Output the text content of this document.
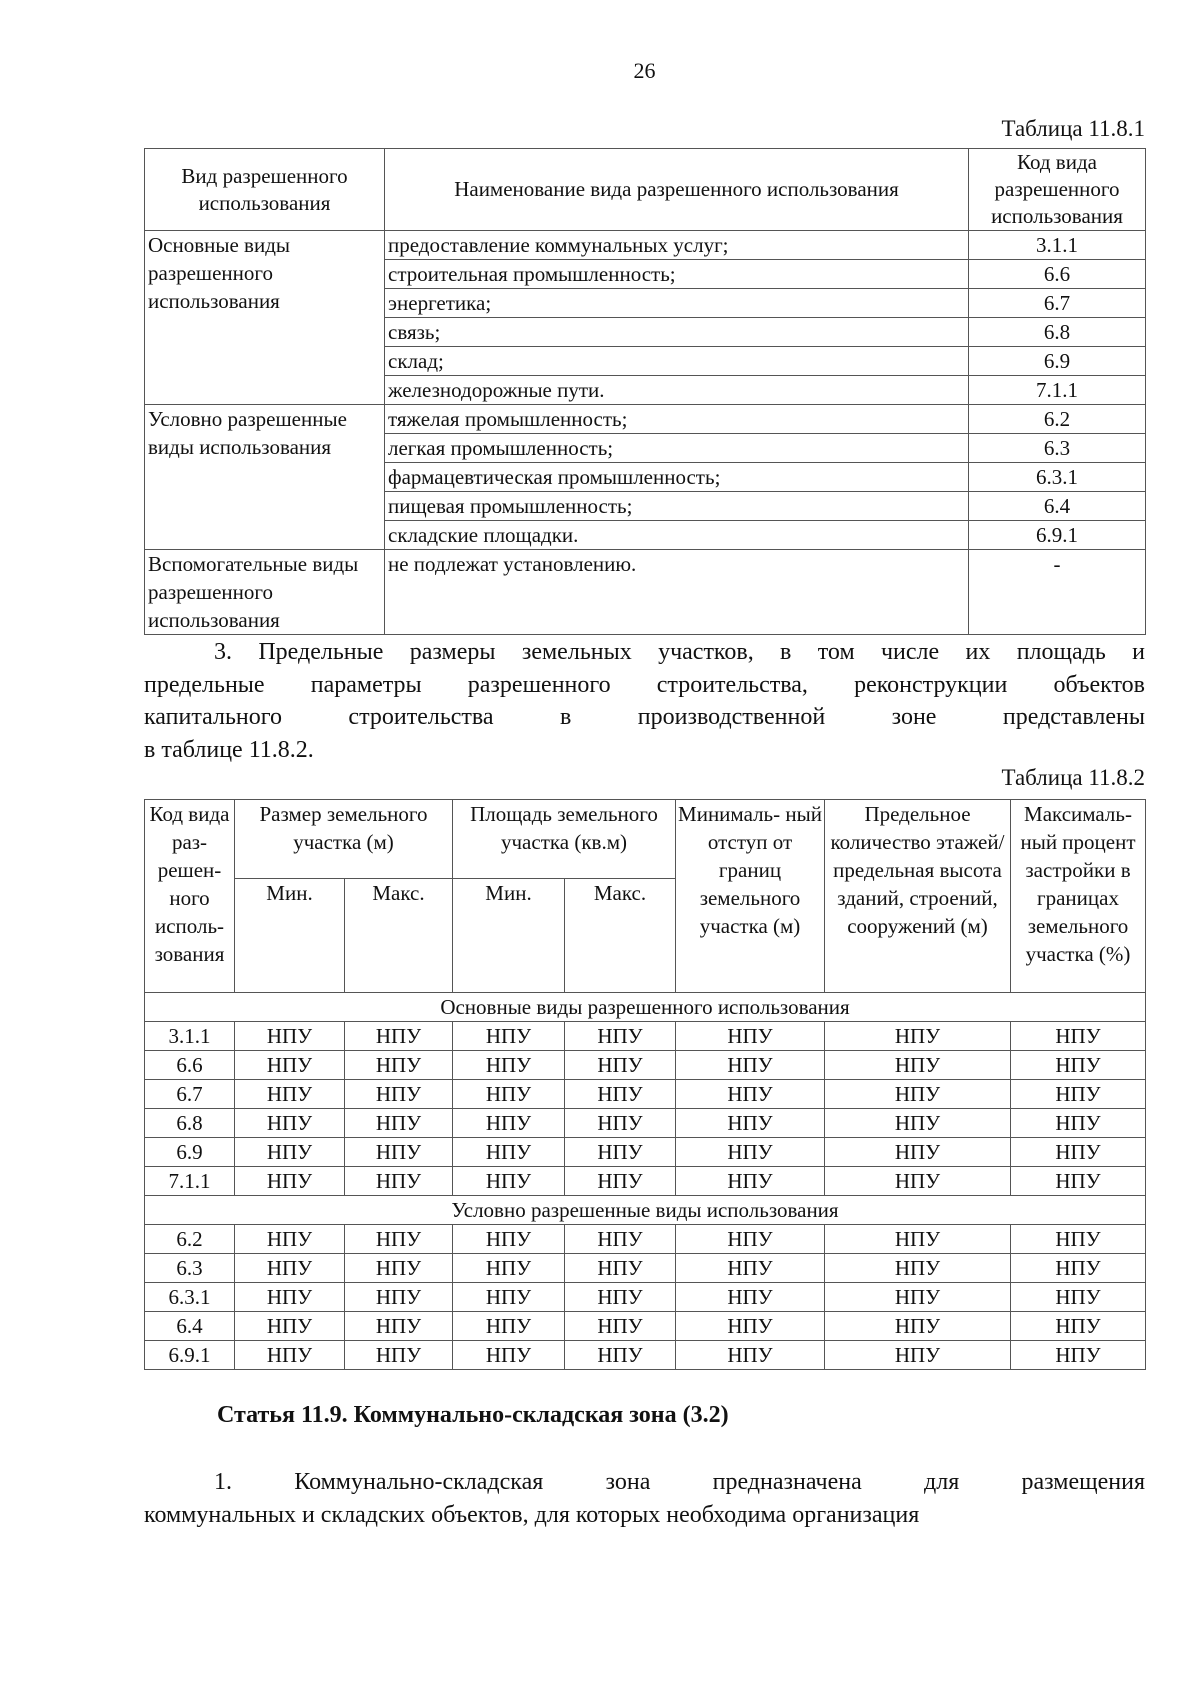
26
Таблица 11.8.1
Вид разрешенного использования	Наименование вида разрешенного использования	Код вида разрешенного использования
Основные виды разрешенного использования	предоставление коммунальных услуг;	3.1.1
	строительная промышленность;	6.6
	энергетика;	6.7
	связь;	6.8
	склад;	6.9
	железнодорожные пути.	7.1.1
Условно разрешенные виды использования	тяжелая промышленность;	6.2
	легкая промышленность;	6.3
	фармацевтическая промышленность;	6.3.1
	пищевая промышленность;	6.4
	складские площадки.	6.9.1
Вспомогательные виды разрешенного использования	не подлежат установлению.	-
3. Предельные размеры земельных участков, в том числе их площадь и
предельные параметры разрешенного строительства, реконструкции объектов
капитального строительства в производственной зоне представлены
в таблице 11.8.2.
Таблица 11.8.2
Код вида раз- решен- ного исполь- зования	Размер земельного участка (м)		Площадь земельного участка (кв.м)		Минималь- ный отступ от границ земельного участка (м)	Предельное количество этажей/ предельная высота зданий, строений, сооружений (м)	Максималь- ный процент застройки в границах земельного участка (%)
	Мин.	Макс.	Мин.	Макс.			
Основные виды разрешенного использования							
3.1.1	НПУ	НПУ	НПУ	НПУ	НПУ	НПУ	НПУ
6.6	НПУ	НПУ	НПУ	НПУ	НПУ	НПУ	НПУ
6.7	НПУ	НПУ	НПУ	НПУ	НПУ	НПУ	НПУ
6.8	НПУ	НПУ	НПУ	НПУ	НПУ	НПУ	НПУ
6.9	НПУ	НПУ	НПУ	НПУ	НПУ	НПУ	НПУ
7.1.1	НПУ	НПУ	НПУ	НПУ	НПУ	НПУ	НПУ
Условно разрешенные виды использования							
6.2	НПУ	НПУ	НПУ	НПУ	НПУ	НПУ	НПУ
6.3	НПУ	НПУ	НПУ	НПУ	НПУ	НПУ	НПУ
6.3.1	НПУ	НПУ	НПУ	НПУ	НПУ	НПУ	НПУ
6.4	НПУ	НПУ	НПУ	НПУ	НПУ	НПУ	НПУ
6.9.1	НПУ	НПУ	НПУ	НПУ	НПУ	НПУ	НПУ
Статья 11.9. Коммунально-складская зона (3.2)
1. Коммунально-складская зона предназначена для размещения
коммунальных и складских объектов, для которых необходима организация
